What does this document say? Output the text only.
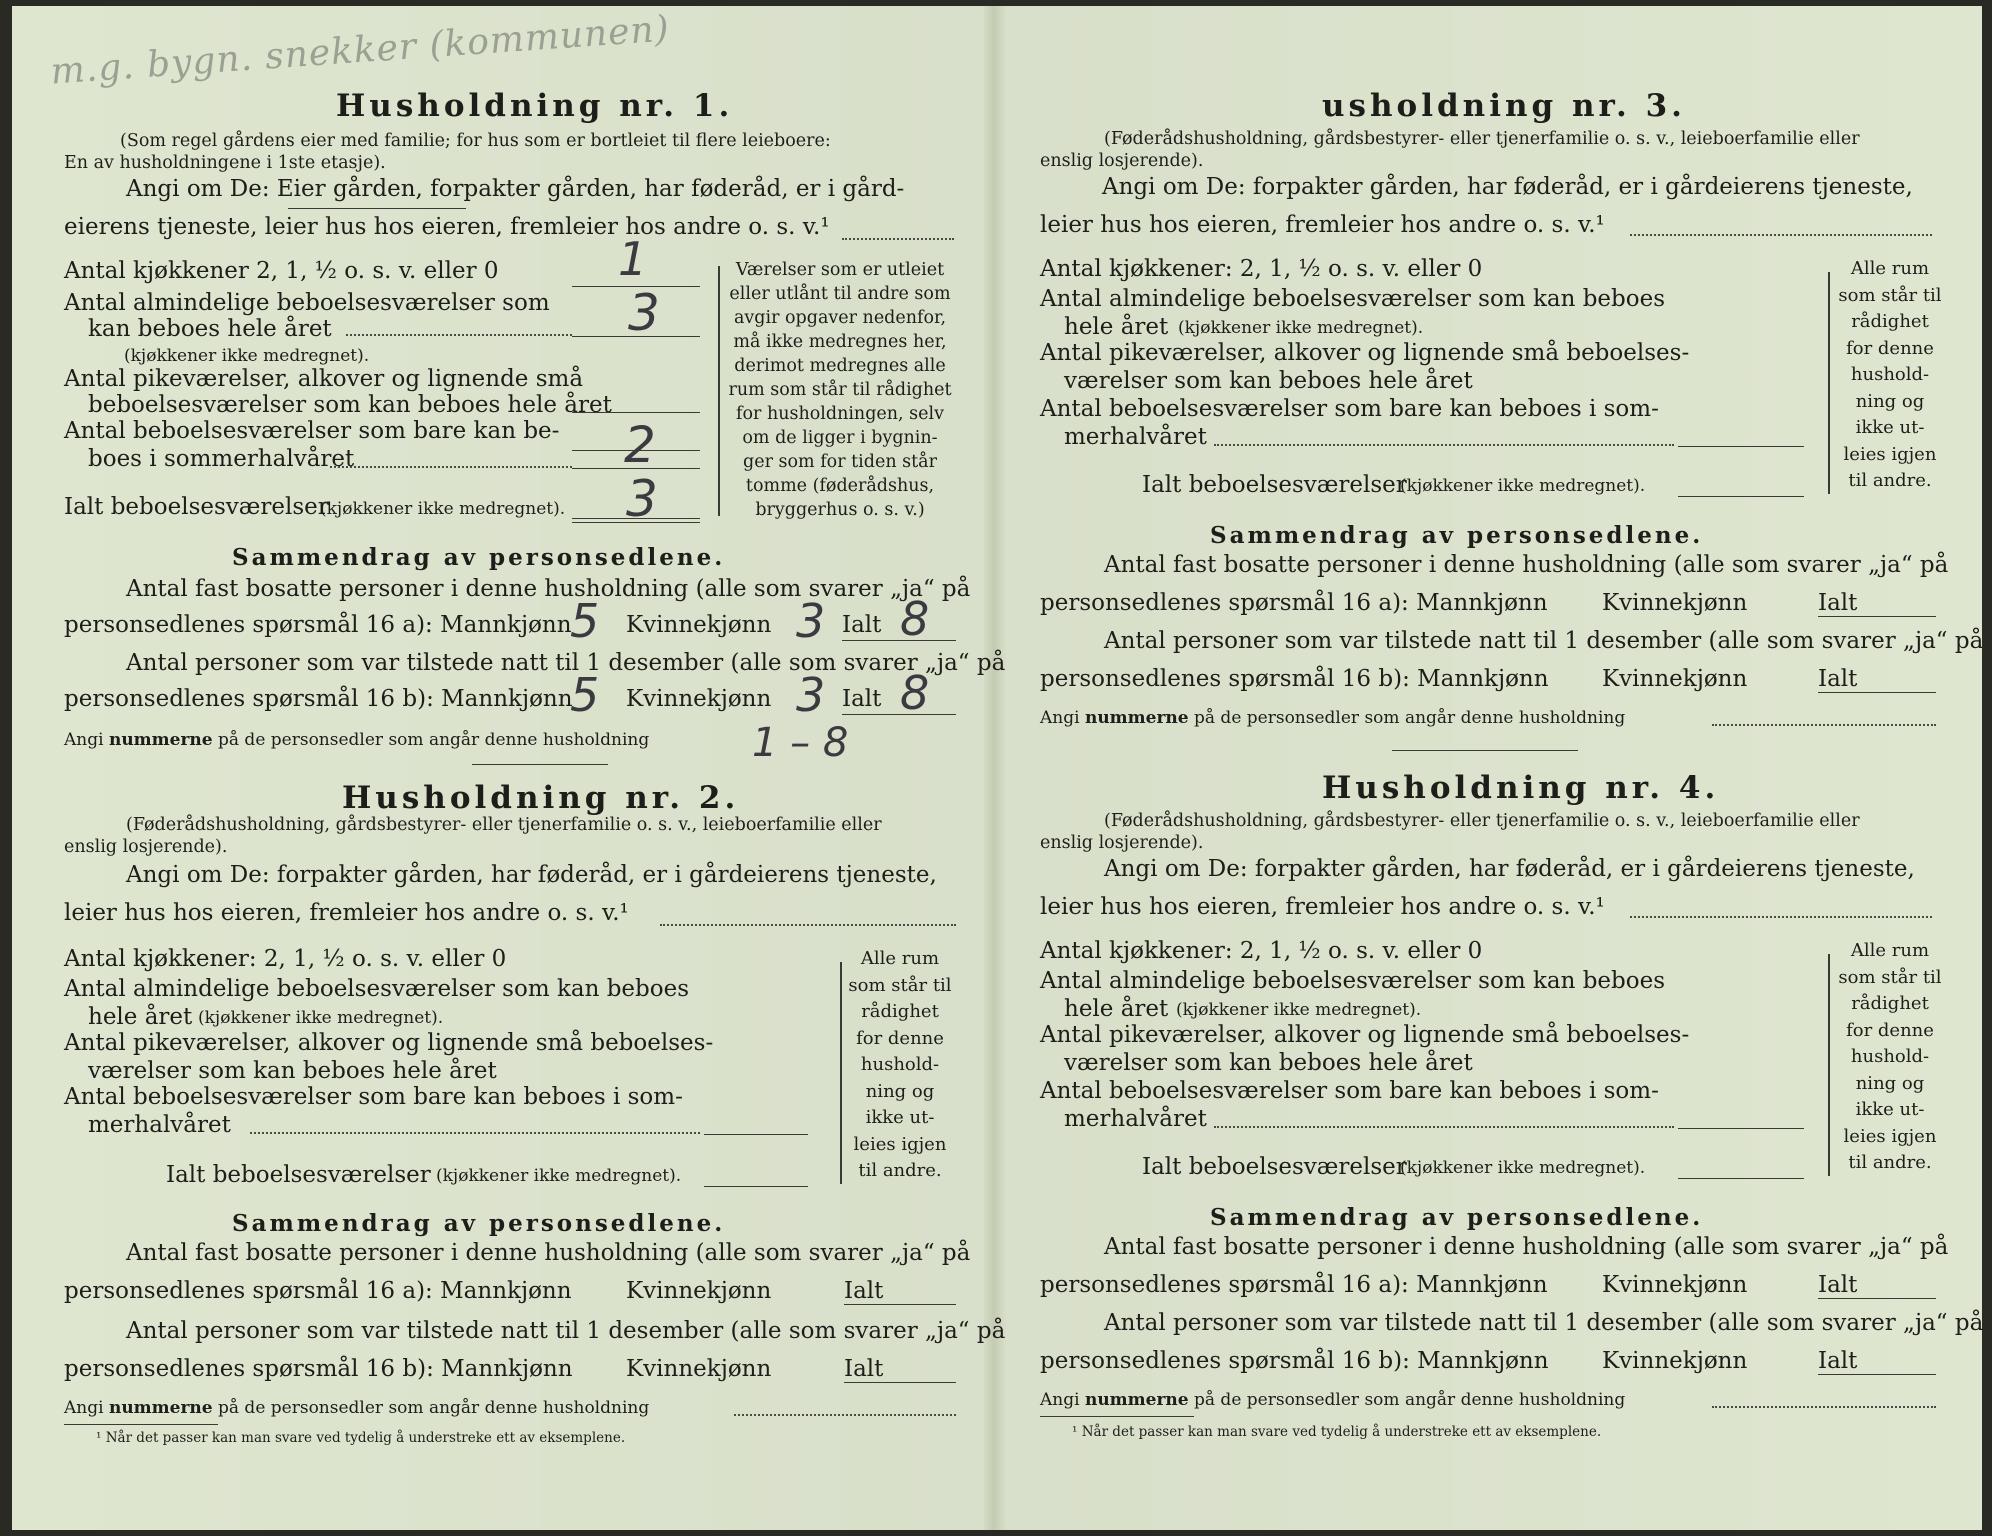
m.g. bygn. snekker (kommunen)
Husholdning nr. 1.
(Som regel gårdens eier med familie; for hus som er bortleiet til flere leieboere:
En av husholdningene i 1ste etasje).
Angi om De: Eier gården, forpakter gården, har føderåd, er i gård-
eierens tjeneste, leier hus hos eieren, fremleier hos andre o. s. v.¹
Antal kjøkkener 2, 1, ½ o. s. v. eller 0	1
Antal almindelige beboelsesværelser som
kan beboes hele året	3
(kjøkkener ikke medregnet).
Antal pikeværelser, alkover og lignende små
beboelsesværelser som kan beboes hele året
Antal beboelsesværelser som bare kan be-
boes i sommerhalvåret	2
Ialt beboelsesværelser
(kjøkkener ikke medregnet). 3
Værelser som er utleiet
eller utlånt til andre som
avgir opgaver nedenfor,
må ikke medregnes her,
derimot medregnes alle
rum som står til rådighet
for husholdningen, selv
om de ligger i bygnin-
ger som for tiden står
tomme (føderådshus,
bryggerhus o. s. v.)
Sammendrag av personsedlene.
Antal fast bosatte personer i denne husholdning (alle som svarer „ja“ på
personsedlenes spørsmål 16 a): Mannkjønn
5 Kvinnekjønn 3 Ialt 8
Antal personer som var tilstede natt til 1 desember (alle som svarer „ja“ på
personsedlenes spørsmål 16 b): Mannkjønn
5 Kvinnekjønn 3 Ialt 8
Angi nummerne på de personsedler som angår denne husholdning	1 – 8
Husholdning nr. 2.
(Føderådshusholdning, gårdsbestyrer- eller tjenerfamilie o. s. v., leieboerfamilie eller
enslig losjerende).
Angi om De: forpakter gården, har føderåd, er i gårdeierens tjeneste,
leier hus hos eieren, fremleier hos andre o. s. v.¹
Antal kjøkkener: 2, 1, ½ o. s. v. eller 0
Antal almindelige beboelsesværelser som kan beboes
hele året (kjøkkener ikke medregnet).
Antal pikeværelser, alkover og lignende små beboelses-
værelser som kan beboes hele året
Antal beboelsesværelser som bare kan beboes i som-
merhalvåret
Ialt beboelsesværelser (kjøkkener ikke medregnet).
Alle rum
som står til
rådighet
for denne
hushold-
ning og
ikke ut-
leies igjen
til andre.
Sammendrag av personsedlene.
Antal fast bosatte personer i denne husholdning (alle som svarer „ja“ på
personsedlenes spørsmål 16 a): Mannkjønn Kvinnekjønn	Ialt
Antal personer som var tilstede natt til 1 desember (alle som svarer „ja“ på
personsedlenes spørsmål 16 b): Mannkjønn Kvinnekjønn	Ialt
Angi nummerne på de personsedler som angår denne husholdning
¹ Når det passer kan man svare ved tydelig å understreke ett av eksemplene.
usholdning nr. 3.
(Føderådshusholdning, gårdsbestyrer- eller tjenerfamilie o. s. v., leieboerfamilie eller
enslig losjerende).
Angi om De: forpakter gården, har føderåd, er i gårdeierens tjeneste,
leier hus hos eieren, fremleier hos andre o. s. v.¹
Antal kjøkkener: 2, 1, ½ o. s. v. eller 0
Antal almindelige beboelsesværelser som kan beboes
hele året (kjøkkener ikke medregnet).
Antal pikeværelser, alkover og lignende små beboelses-
værelser som kan beboes hele året
Antal beboelsesværelser som bare kan beboes i som-
merhalvåret
Ialt beboelsesværelser
(kjøkkener ikke medregnet).
Alle rum
som står til
rådighet
for denne
hushold-
ning og
ikke ut-
leies igjen
til andre.
Sammendrag av personsedlene.
Antal fast bosatte personer i denne husholdning (alle som svarer „ja“ på
personsedlenes spørsmål 16 a): Mannkjønn Kvinnekjønn	Ialt
Antal personer som var tilstede natt til 1 desember (alle som svarer „ja“ på
personsedlenes spørsmål 16 b): Mannkjønn Kvinnekjønn	Ialt
Angi nummerne på de personsedler som angår denne husholdning
Husholdning nr. 4.
(Føderådshusholdning, gårdsbestyrer- eller tjenerfamilie o. s. v., leieboerfamilie eller
enslig losjerende).
Angi om De: forpakter gården, har føderåd, er i gårdeierens tjeneste,
leier hus hos eieren, fremleier hos andre o. s. v.¹
Antal kjøkkener: 2, 1, ½ o. s. v. eller 0
Antal almindelige beboelsesværelser som kan beboes
hele året (kjøkkener ikke medregnet).
Antal pikeværelser, alkover og lignende små beboelses-
værelser som kan beboes hele året
Antal beboelsesværelser som bare kan beboes i som-
merhalvåret
Ialt beboelsesværelser
(kjøkkener ikke medregnet).
Alle rum
som står til
rådighet
for denne
hushold-
ning og
ikke ut-
leies igjen
til andre.
Sammendrag av personsedlene.
Antal fast bosatte personer i denne husholdning (alle som svarer „ja“ på
personsedlenes spørsmål 16 a): Mannkjønn Kvinnekjønn	Ialt
Antal personer som var tilstede natt til 1 desember (alle som svarer „ja“ på
personsedlenes spørsmål 16 b): Mannkjønn Kvinnekjønn	Ialt
Angi nummerne på de personsedler som angår denne husholdning
¹ Når det passer kan man svare ved tydelig å understreke ett av eksemplene.
